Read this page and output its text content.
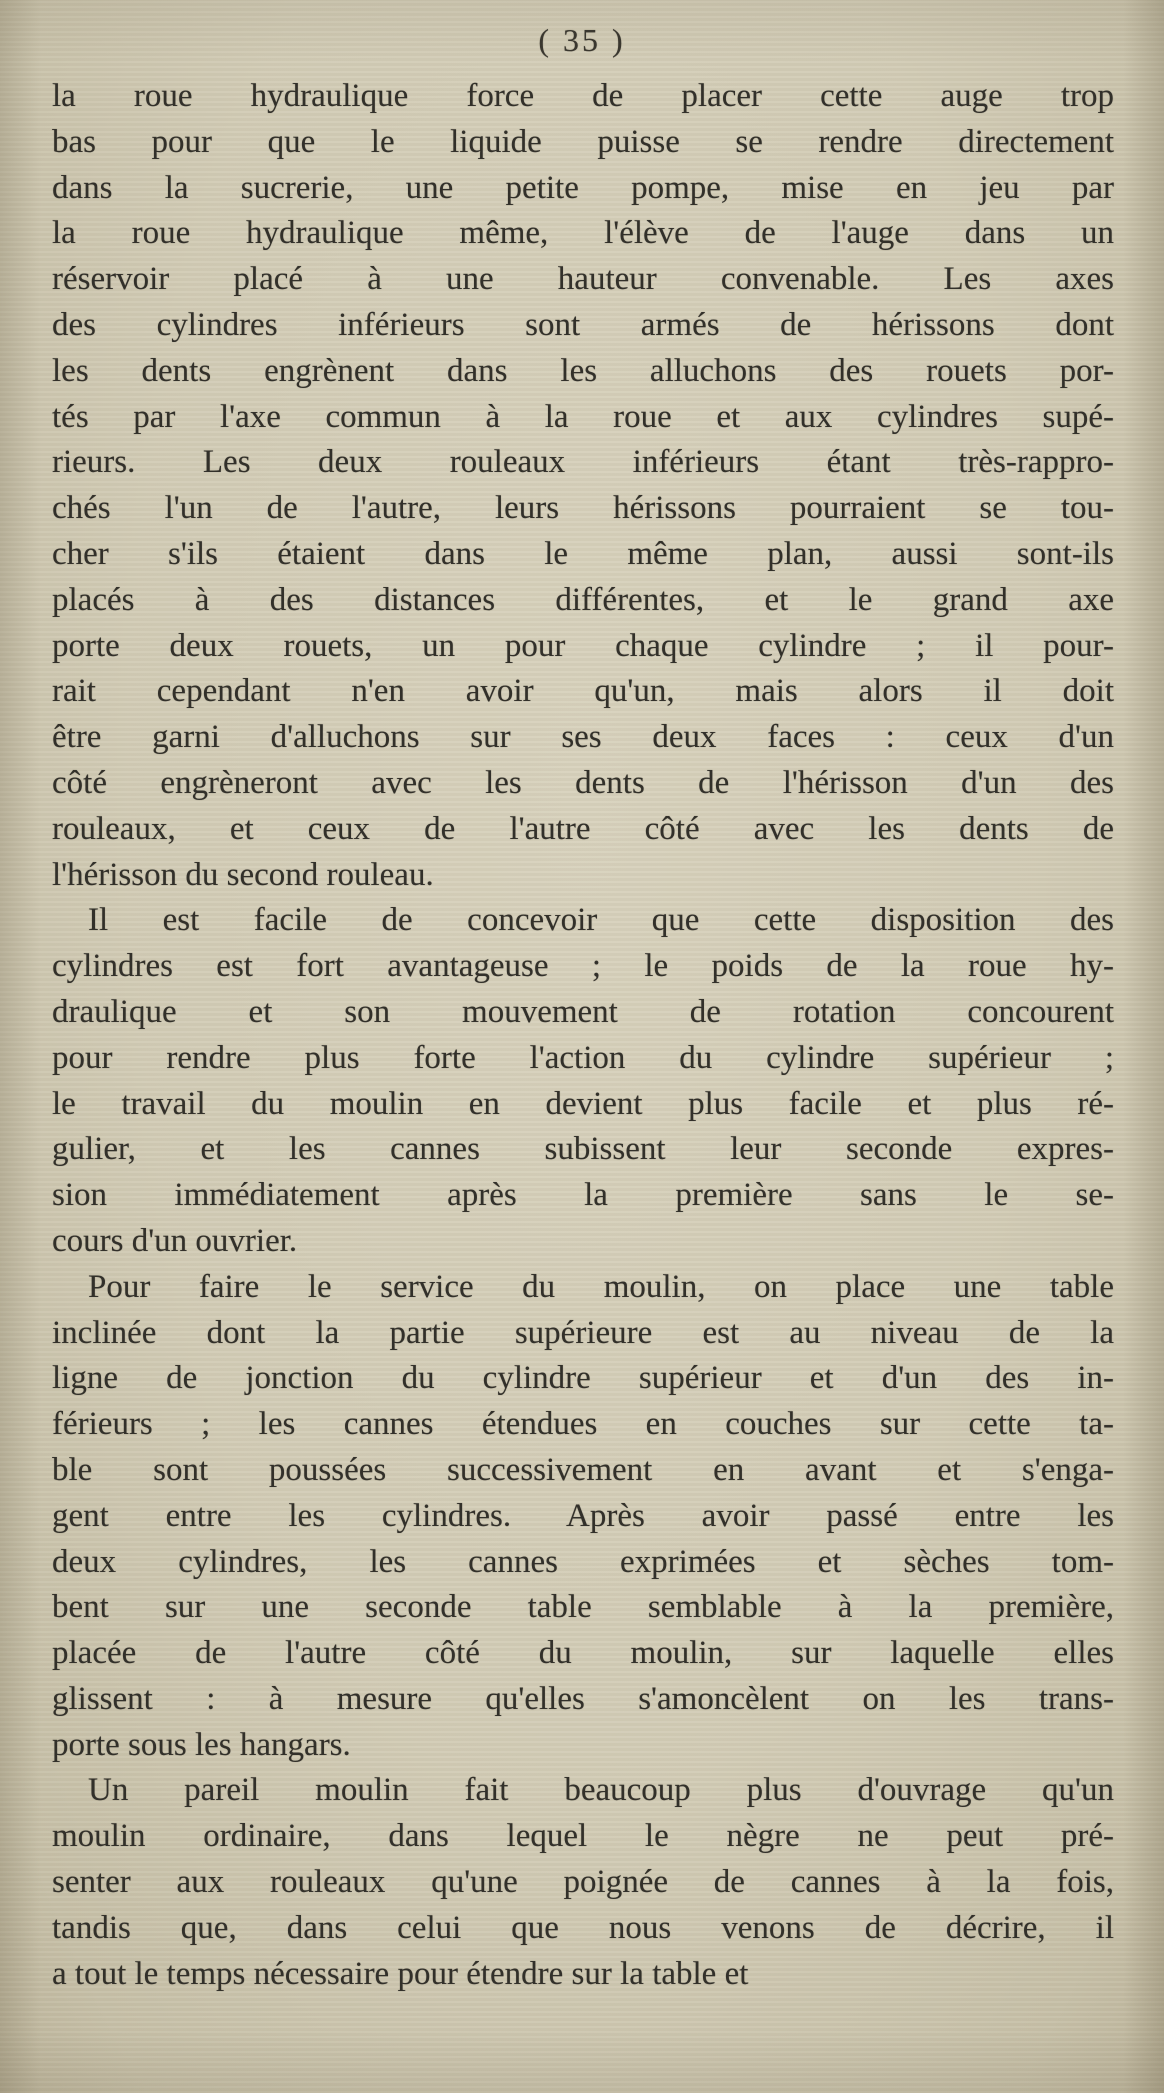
( 35 )
la roue hydraulique force de placer cette auge trop
bas pour que le liquide puisse se rendre directement
dans la sucrerie, une petite pompe, mise en jeu par
la roue hydraulique même, l'élève de l'auge dans un
réservoir placé à une hauteur convenable. Les axes
des cylindres inférieurs sont armés de hérissons dont
les dents engrènent dans les alluchons des rouets por-
tés par l'axe commun à la roue et aux cylindres supé-
rieurs. Les deux rouleaux inférieurs étant très-rappro-
chés l'un de l'autre, leurs hérissons pourraient se tou-
cher s'ils étaient dans le même plan, aussi sont-ils
placés à des distances différentes, et le grand axe
porte deux rouets, un pour chaque cylindre ; il pour-
rait cependant n'en avoir qu'un, mais alors il doit
être garni d'alluchons sur ses deux faces : ceux d'un
côté engrèneront avec les dents de l'hérisson d'un des
rouleaux, et ceux de l'autre côté avec les dents de
l'hérisson du second rouleau.
Il est facile de concevoir que cette disposition des
cylindres est fort avantageuse ; le poids de la roue hy-
draulique et son mouvement de rotation concourent
pour rendre plus forte l'action du cylindre supérieur ;
le travail du moulin en devient plus facile et plus ré-
gulier, et les cannes subissent leur seconde expres-
sion immédiatement après la première sans le se-
cours d'un ouvrier.
Pour faire le service du moulin, on place une table
inclinée dont la partie supérieure est au niveau de la
ligne de jonction du cylindre supérieur et d'un des in-
férieurs ; les cannes étendues en couches sur cette ta-
ble sont poussées successivement en avant et s'enga-
gent entre les cylindres. Après avoir passé entre les
deux cylindres, les cannes exprimées et sèches tom-
bent sur une seconde table semblable à la première,
placée de l'autre côté du moulin, sur laquelle elles
glissent : à mesure qu'elles s'amoncèlent on les trans-
porte sous les hangars.
Un pareil moulin fait beaucoup plus d'ouvrage qu'un
moulin ordinaire, dans lequel le nègre ne peut pré-
senter aux rouleaux qu'une poignée de cannes à la fois,
tandis que, dans celui que nous venons de décrire, il
a tout le temps nécessaire pour étendre sur la table et
